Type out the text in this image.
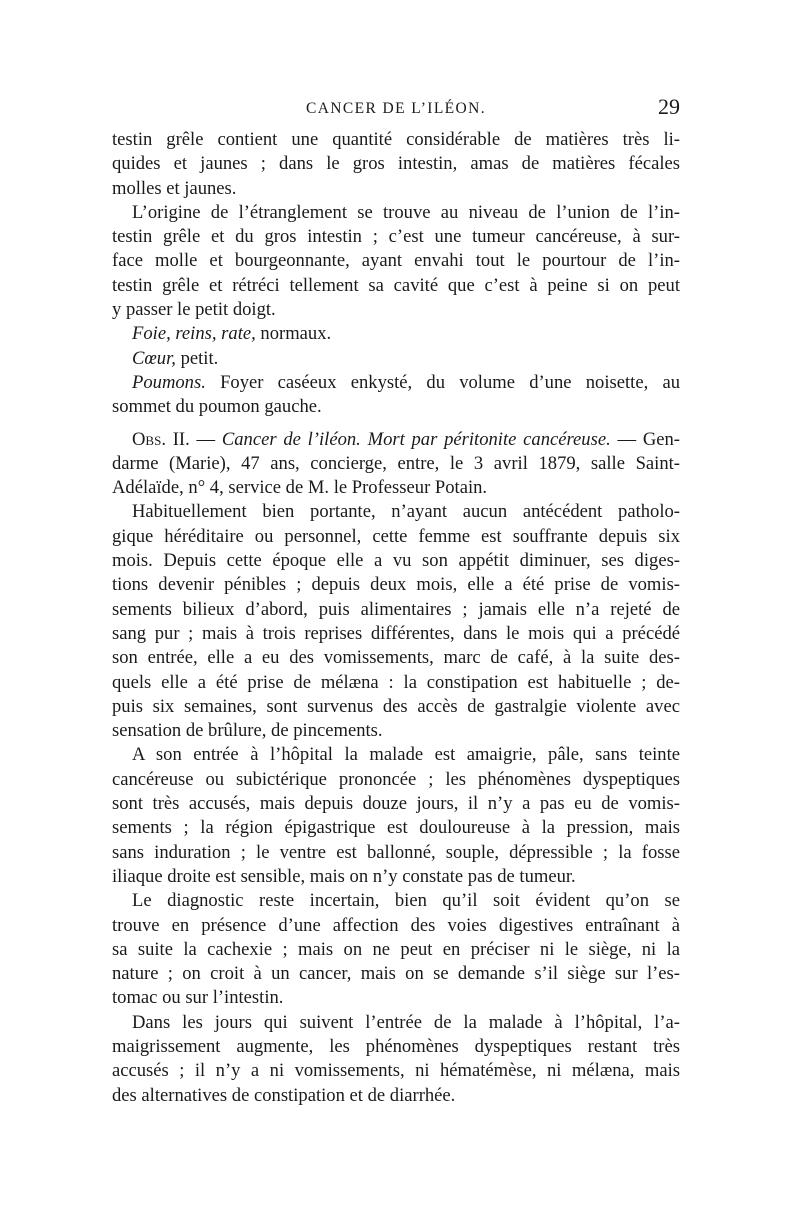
CANCER DE L’ILÉON.	29
testin grêle contient une quantité considérable de matières très li-
quides et jaunes ; dans le gros intestin, amas de matières fécales
molles et jaunes.
L’origine de l’étranglement se trouve au niveau de l’union de l’in-
testin grêle et du gros intestin ; c’est une tumeur cancéreuse, à sur-
face molle et bourgeonnante, ayant envahi tout le pourtour de l’in-
testin grêle et rétréci tellement sa cavité que c’est à peine si on peut
y passer le petit doigt.
Foie, reins, rate, normaux.
Cœur, petit.
Poumons. Foyer caséeux enkysté, du volume d’une noisette, au
sommet du poumon gauche.
Obs. II. — Cancer de l’iléon. Mort par péritonite cancéreuse. — Gen-
darme (Marie), 47 ans, concierge, entre, le 3 avril 1879, salle Saint-
Adélaïde, n° 4, service de M. le Professeur Potain.
Habituellement bien portante, n’ayant aucun antécédent patholo-
gique héréditaire ou personnel, cette femme est souffrante depuis six
mois. Depuis cette époque elle a vu son appétit diminuer, ses diges-
tions devenir pénibles ; depuis deux mois, elle a été prise de vomis-
sements bilieux d’abord, puis alimentaires ; jamais elle n’a rejeté de
sang pur ; mais à trois reprises différentes, dans le mois qui a précédé
son entrée, elle a eu des vomissements, marc de café, à la suite des-
quels elle a été prise de mélæna : la constipation est habituelle ; de-
puis six semaines, sont survenus des accès de gastralgie violente avec
sensation de brûlure, de pincements.
A son entrée à l’hôpital la malade est amaigrie, pâle, sans teinte
cancéreuse ou subictérique prononcée ; les phénomènes dyspeptiques
sont très accusés, mais depuis douze jours, il n’y a pas eu de vomis-
sements ; la région épigastrique est douloureuse à la pression, mais
sans induration ; le ventre est ballonné, souple, dépressible ; la fosse
iliaque droite est sensible, mais on n’y constate pas de tumeur.
Le diagnostic reste incertain, bien qu’il soit évident qu’on se
trouve en présence d’une affection des voies digestives entraînant à
sa suite la cachexie ; mais on ne peut en préciser ni le siège, ni la
nature ; on croit à un cancer, mais on se demande s’il siège sur l’es-
tomac ou sur l’intestin.
Dans les jours qui suivent l’entrée de la malade à l’hôpital, l’a-
maigrissement augmente, les phénomènes dyspeptiques restant très
accusés ; il n’y a ni vomissements, ni hématémèse, ni mélæna, mais
des alternatives de constipation et de diarrhée.
